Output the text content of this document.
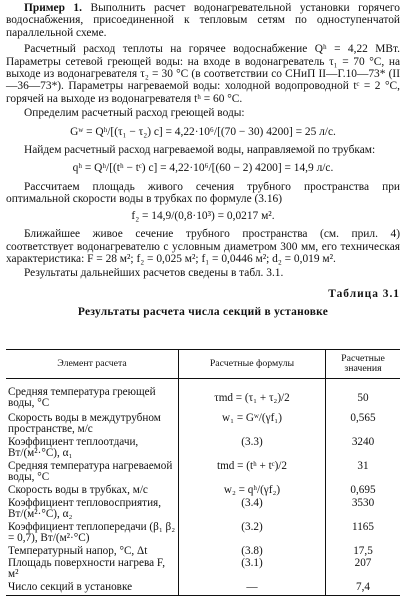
Пример 1. Выполнить расчет водонагревательной установки горячего водоснабжения, присоединенной к тепловым сетям по одноступенчатой параллельной схеме.

Расчетный расход теплоты на горячее водоснабжение Qʰ = 4,22 МВт. Параметры сетевой греющей воды: на входе в водонагреватель τ₁ = 70 °C, на выходе из водонагревателя τ₂ = 30 °C (в соответствии со СНиП II—Г.10—73* (II—36—73*). Параметры нагреваемой воды: холодной водопроводной tᶜ = 2 °C, горячей на выходе из водонагревателя tʰ = 60 °C.

Определим расчетный расход греющей воды:

Gʷ = Qʰ/[(τ₁ − τ₂) c] = 4,22·10⁶/[(70 − 30) 4200] = 25 л/с.

Найдем расчетный расход нагреваемой воды, направляемой по трубкам:

qʰ = Qʰ/[(tʰ − tᶜ) c] = 4,22·10⁶/[(60 − 2) 4200] = 14,9 л/с.

Рассчитаем площадь живого сечения трубного пространства при оптимальной скорости воды в трубках по формуле (3.16)

f₂ = 14,9/(0,8·10³) = 0,0217 м².

Ближайшее живое сечение трубного пространства (см. прил. 4) соответствует водонагревателю с условным диаметром 300 мм, его техническая характеристика: F = 28 м²; f₂ = 0,025 м²; f₁ = 0,0446 м²; d₂ = 0,019 м².

Результаты дальнейших расчетов сведены в табл. 3.1.

Таблица 3.1

Результаты расчета числа секций в установке

Элемент расчета	Расчетные формулы	Расчетные значения
Средняя температура греющей воды, °C	τmd = (τ₁ + τ₂)/2	50
Скорость воды в междутрубном пространстве, м/с	w₁ = Gʷ/(γf₁)	0,565
Коэффициент теплоотдачи, Вт/(м²·°C), α₁	(3.3)	3240
Средняя температура нагреваемой воды, °C	tmd = (tʰ + tᶜ)/2	31
Скорость воды в трубках, м/с	w₂ = qʰ/(γf₂)	0,695
Коэффициент тепловосприятия, Вт/(м²·°C), α₂	(3.4)	3530
Коэффициент теплопередачи (β₁ β₂ = 0,7), Вт/(м²·°C)	(3.2)	1165
Температурный напор, °C, Δt	(3.8)	17,5
Площадь поверхности нагрева F, м²	(3.1)	207
Число секций в установке	—	7,4
